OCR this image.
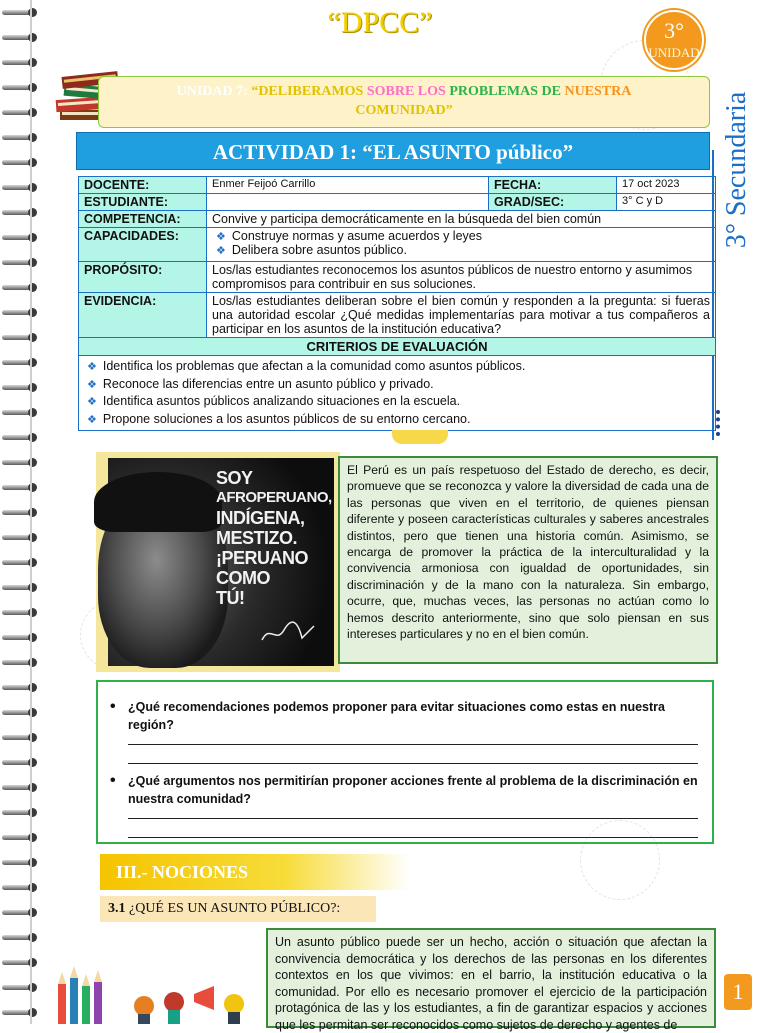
“DPCC”	3°
UNIDAD
UNIDAD 7: “DELIBERAMOS SOBRE LOS PROBLEMAS DE NUESTRA
COMUNIDAD”
ACTIVIDAD 1: “EL ASUNTO público”	3° Secundaria
DOCENTE:	Enmer Feijoó Carrillo	FECHA:	17 oct 2023
ESTUDIANTE:		GRAD/SEC:	3° C y D
COMPETENCIA:	Convive y participa democráticamente en la búsqueda del bien común		
CAPACIDADES:	❖ Construye normas y asume acuerdos y leyes
❖ Delibera sobre asuntos público.		

PROPÓSITO:	Los/las estudiantes reconocemos los asuntos públicos de nuestro entorno y asumimos compromisos para contribuir en sus soluciones.		
EVIDENCIA:	Los/las estudiantes deliberan sobre el bien común y responden a la pregunta: si fueras una autoridad escolar ¿Qué medidas implementarías para motivar a tus compañeros a participar en los asuntos de la institución educativa?		
CRITERIOS DE EVALUACIÓN			

❖ Identifica los problemas que afectan a la comunidad como asuntos públicos.
❖ Reconoce las diferencias entre un asunto público y privado.
❖ Identifica asuntos públicos analizando situaciones en la escuela.
❖ Propone soluciones a los asuntos públicos de su entorno cercano.			
SOY
AFROPERUANO,
INDÍGENA,
MESTIZO.
¡PERUANO
COMO
TÚ!
El Perú es un país respetuoso del Estado de derecho, es decir, promueve que se reconozca y valore la diversidad de cada una de las personas que viven en el territorio, de quienes piensan diferente y poseen características culturales y saberes ancestrales distintos, pero que tienen una historia común. Asimismo, se encarga de promover la práctica de la interculturalidad y la convivencia armoniosa con igualdad de oportunidades, sin discriminación y de la mano con la naturaleza. Sin embargo, ocurre, que, muchas veces, las personas no actúan como lo hemos descrito anteriormente, sino que solo piensan en sus intereses particulares y no en el bien común.
• ¿Qué recomendaciones podemos proponer para evitar situaciones como estas en nuestra región?
• ¿Qué argumentos nos permitirían proponer acciones frente al problema de la discriminación en nuestra comunidad?
III.- NOCIONES
3.1 ¿QUÉ ES UN ASUNTO PÚBLICO?:
Un asunto público puede ser un hecho, acción o situación que afectan la convivencia democrática y los derechos de las personas en los diferentes contextos en los que vivimos: en el barrio, la institución educativa o la comunidad. Por ello es necesario promover el ejercicio de la participación protagónica de las y los estudiantes, a fin de garantizar espacios y acciones que les permitan ser reconocidos como sujetos de derecho y agentes de
1
